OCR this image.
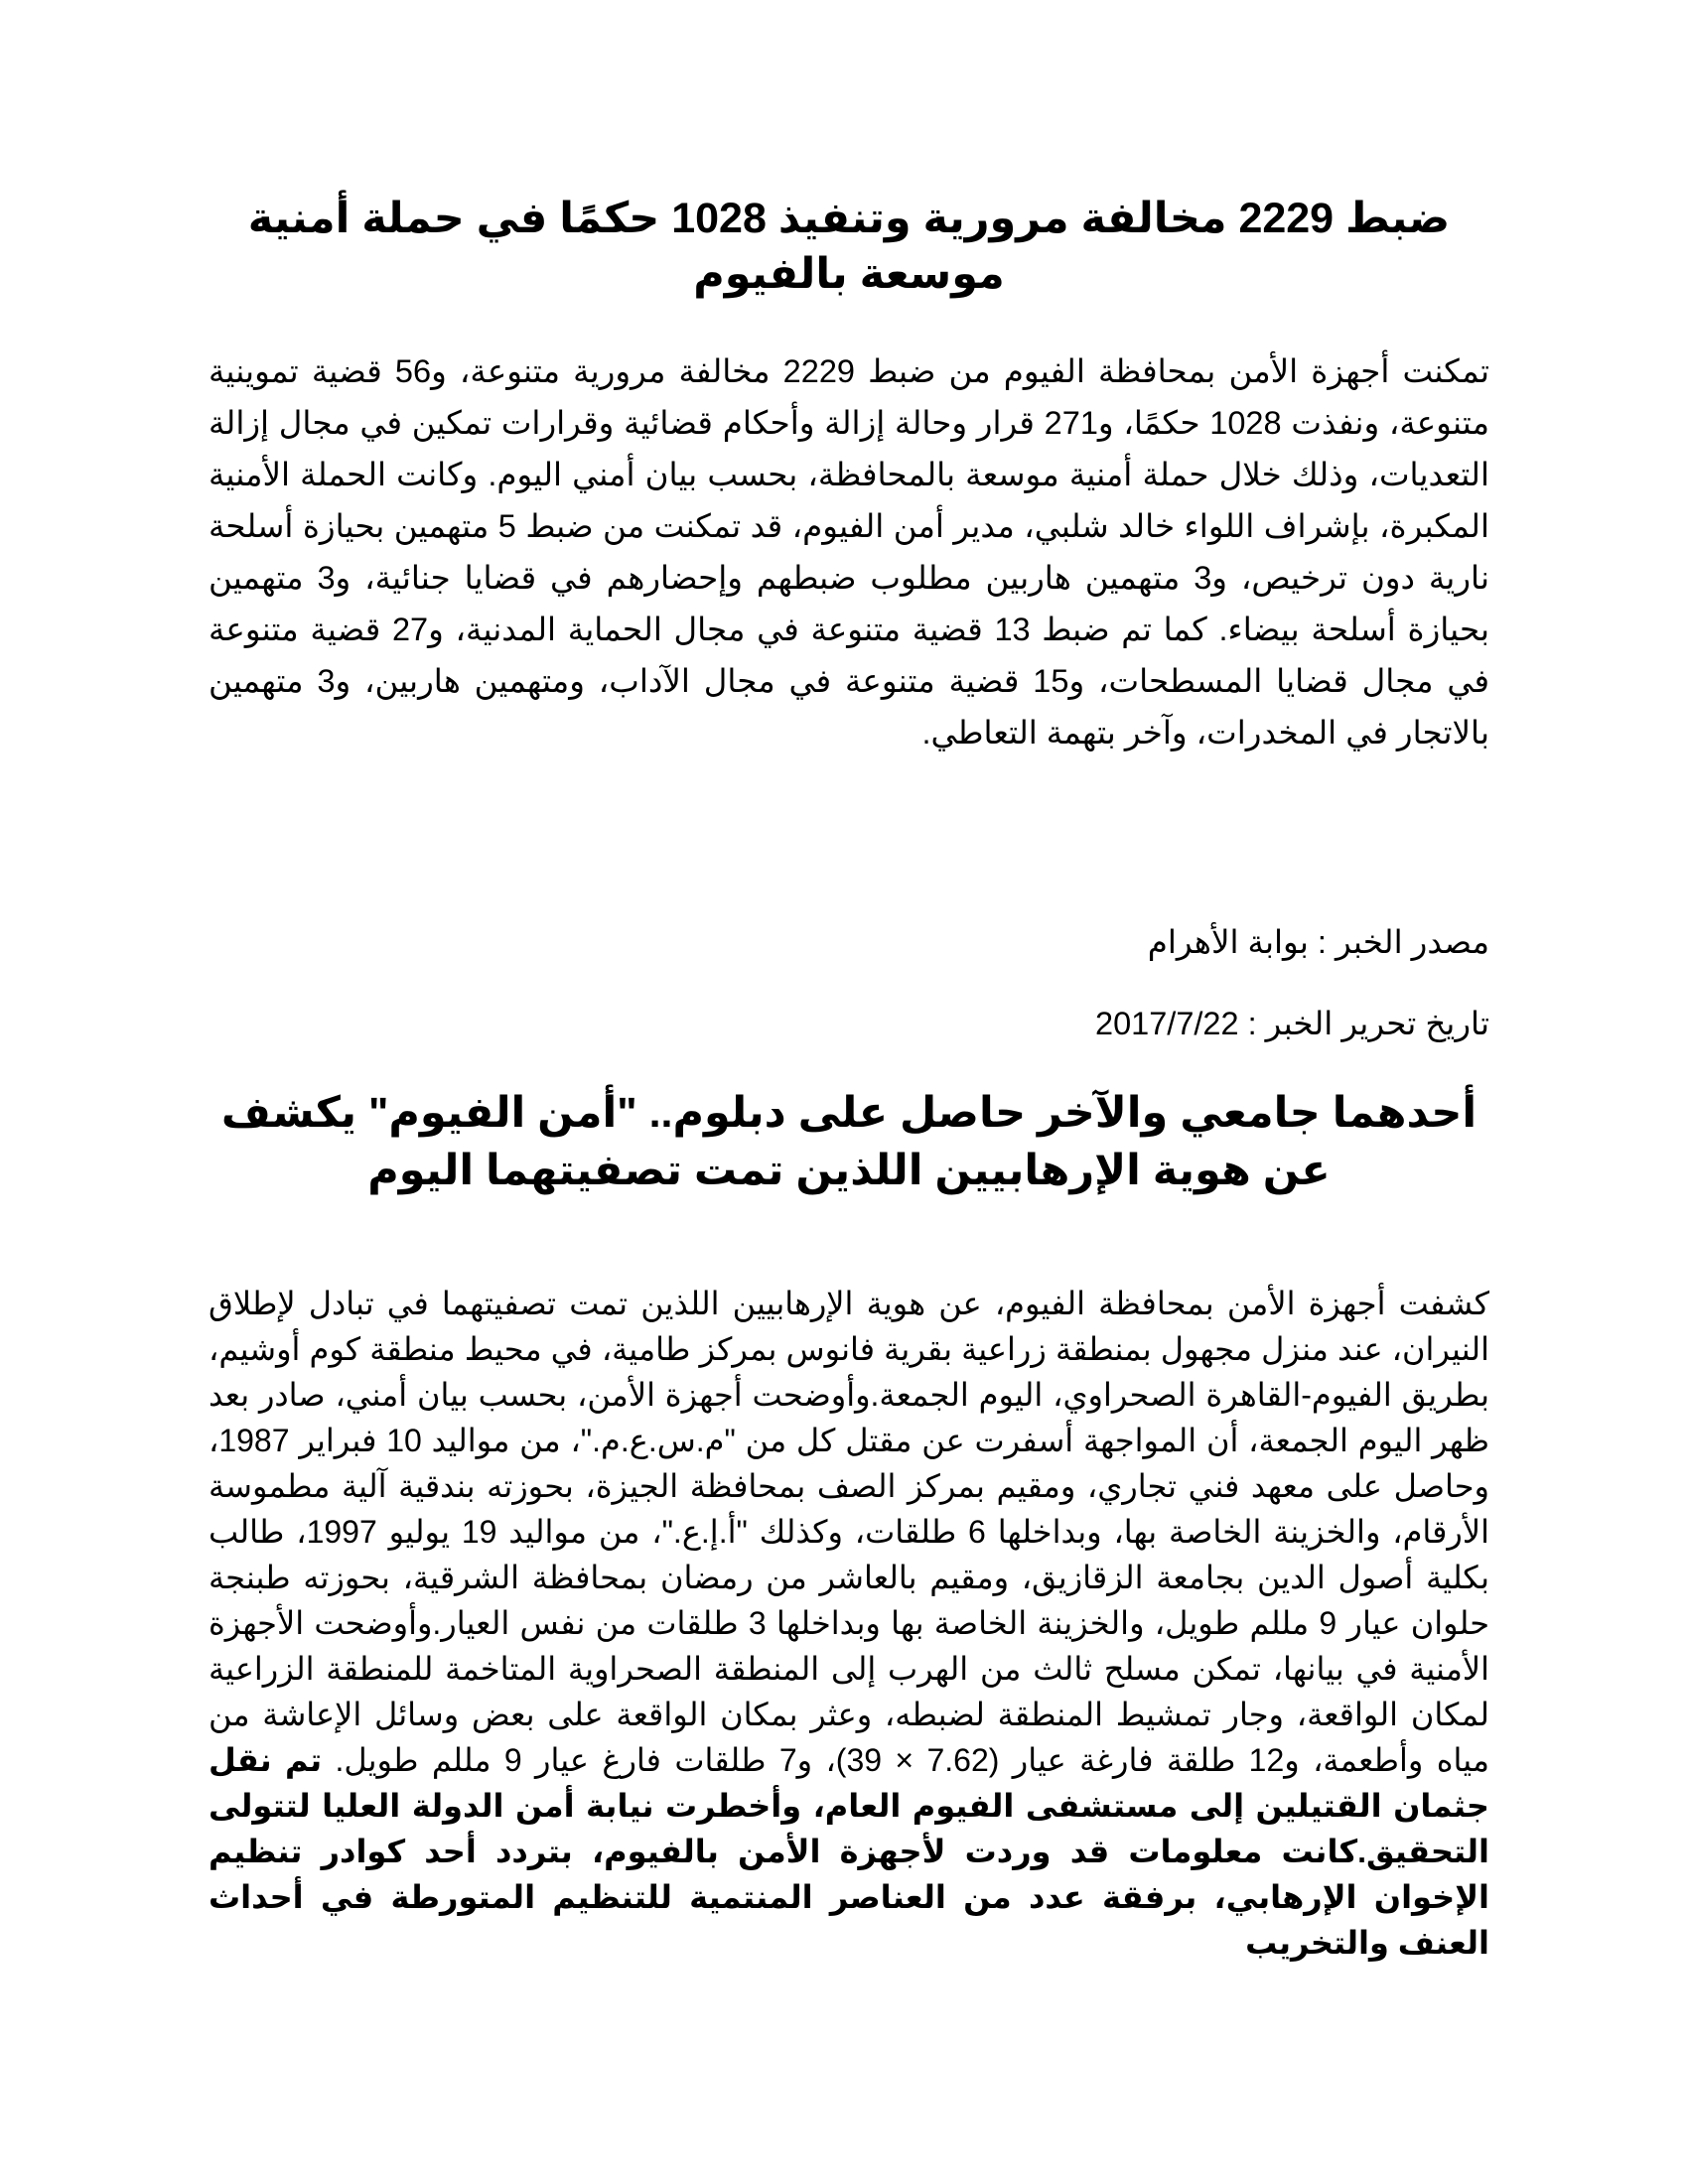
ضبط 2229 مخالفة مرورية وتنفيذ 1028 حكمًا في حملة أمنية موسعة بالفيوم

تمكنت أجهزة الأمن بمحافظة الفيوم من ضبط 2229 مخالفة مرورية متنوعة، و56 قضية تموينية متنوعة، ونفذت 1028 حكمًا، و271 قرار وحالة إزالة وأحكام قضائية وقرارات تمكين في مجال إزالة التعديات، وذلك خلال حملة أمنية موسعة بالمحافظة، بحسب بيان أمني اليوم. وكانت الحملة الأمنية المكبرة، بإشراف اللواء خالد شلبي، مدير أمن الفيوم، قد تمكنت من ضبط 5 متهمين بحيازة أسلحة نارية دون ترخيص، و3 متهمين هاربين مطلوب ضبطهم وإحضارهم في قضايا جنائية، و3 متهمين بحيازة أسلحة بيضاء. كما تم ضبط 13 قضية متنوعة في مجال الحماية المدنية، و27 قضية متنوعة في مجال قضايا المسطحات، و15 قضية متنوعة في مجال الآداب، ومتهمين هاربين، و3 متهمين بالاتجار في المخدرات، وآخر بتهمة التعاطي.

مصدر الخبر : بوابة الأهرام

تاريخ تحرير الخبر : 2017/7/22

أحدهما جامعي والآخر حاصل على دبلوم.. "أمن الفيوم" يكشف عن هوية الإرهابيين اللذين تمت تصفيتهما اليوم

كشفت أجهزة الأمن بمحافظة الفيوم، عن هوية الإرهابيين اللذين تمت تصفيتهما في تبادل لإطلاق النيران، عند منزل مجهول بمنطقة زراعية بقرية فانوس بمركز طامية، في محيط منطقة كوم أوشيم، بطريق الفيوم-القاهرة الصحراوي، اليوم الجمعة.وأوضحت أجهزة الأمن، بحسب بيان أمني، صادر بعد ظهر اليوم الجمعة، أن المواجهة أسفرت عن مقتل كل من "م.س.ع.م."، من مواليد 10 فبراير 1987، وحاصل على معهد فني تجاري، ومقيم بمركز الصف بمحافظة الجيزة، بحوزته بندقية آلية مطموسة الأرقام، والخزينة الخاصة بها، وبداخلها 6 طلقات، وكذلك "أ.إ.ع."، من مواليد 19 يوليو 1997، طالب بكلية أصول الدين بجامعة الزقازيق، ومقيم بالعاشر من رمضان بمحافظة الشرقية، بحوزته طبنجة حلوان عيار 9 مللم طويل، والخزينة الخاصة بها وبداخلها 3 طلقات من نفس العيار.وأوضحت الأجهزة الأمنية في بيانها، تمكن مسلح ثالث من الهرب إلى المنطقة الصحراوية المتاخمة للمنطقة الزراعية لمكان الواقعة، وجار تمشيط المنطقة لضبطه، وعثر بمكان الواقعة على بعض وسائل الإعاشة من مياه وأطعمة، و12 طلقة فارغة عيار (7.62 × 39)، و7 طلقات فارغ عيار 9 مللم طويل. تم نقل جثمان القتيلين إلى مستشفى الفيوم العام، وأخطرت نيابة أمن الدولة العليا لتتولى التحقيق.كانت معلومات قد وردت لأجهزة الأمن بالفيوم، بتردد أحد كوادر تنظيم الإخوان الإرهابي، برفقة عدد من العناصر المنتمية للتنظيم المتورطة في أحداث العنف والتخريب
